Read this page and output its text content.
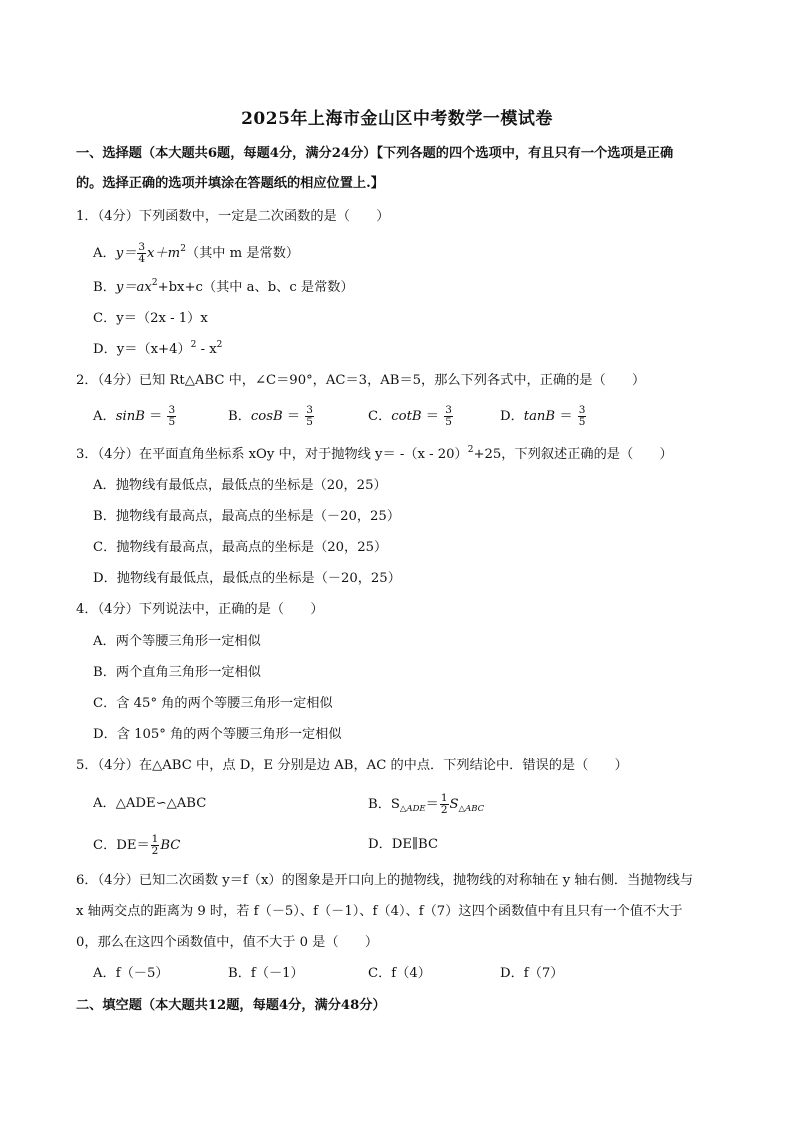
2025年上海市金山区中考数学一模试卷
一、选择题（本大题共6题，每题4分，满分24分）【下列各题的四个选项中，有且只有一个选项是正确
的。选择正确的选项并填涂在答题纸的相应位置上.】
1．（4分）下列函数中，一定是二次函数的是（　　）
A．$y= \frac{3}{4} x+m^2$（其中 m 是常数）
B．$y=ax^2+bx+c$（其中 a、b、c 是常数）
C．y＝（2x - 1）x
D．$y=(x+4)^2 - x^2$
2．（4分）已知 Rt△ABC 中，∠C＝90°，AC＝3，AB＝5，那么下列各式中，正确的是（　　）
A．$\sin B = \frac{3}{5}$	B．$\cos B = \frac{3}{5}$	C．$\cot B = \frac{3}{5}$	D．$\tan B = \frac{3}{5}$
3．（4分）在平面直角坐标系 xOy 中，对于抛物线 y＝ -（x - 20）$^2$+25，下列叙述正确的是（　　）
A．抛物线有最低点，最低点的坐标是（20，25）
B．抛物线有最高点，最高点的坐标是（－20，25）
C．抛物线有最高点，最高点的坐标是（20，25）
D．抛物线有最低点，最低点的坐标是（－20，25）
4．（4分）下列说法中，正确的是（　　）
A．两个等腰三角形一定相似
B．两个直角三角形一定相似
C．含 45° 角的两个等腰三角形一定相似
D．含 105° 角的两个等腰三角形一定相似
5．（4分）在△ABC 中，点 D，E 分别是边 AB，AC 的中点．下列结论中．错误的是（　　）
A．△ADE∽△ABC	B．$S_{\triangle ADE}= \frac{1}{2} S_{\triangle ABC}$
C．$DE= \frac{1}{2}$ BC	D．DE∥BC
6．（4分）已知二次函数 y＝f（x）的图象是开口向上的抛物线，抛物线的对称轴在 y 轴右侧．当抛物线与
x 轴两交点的距离为 9 时，若 f（－5）、f（－1）、f（4）、f（7）这四个函数值中有且只有一个值不大于
0，那么在这四个函数值中，值不大于 0 是（　　）
A．f（－5）	B．f（－1）	C．f（4）	D．f（7）
二、填空题（本大题共12题，每题4分，满分48分）
